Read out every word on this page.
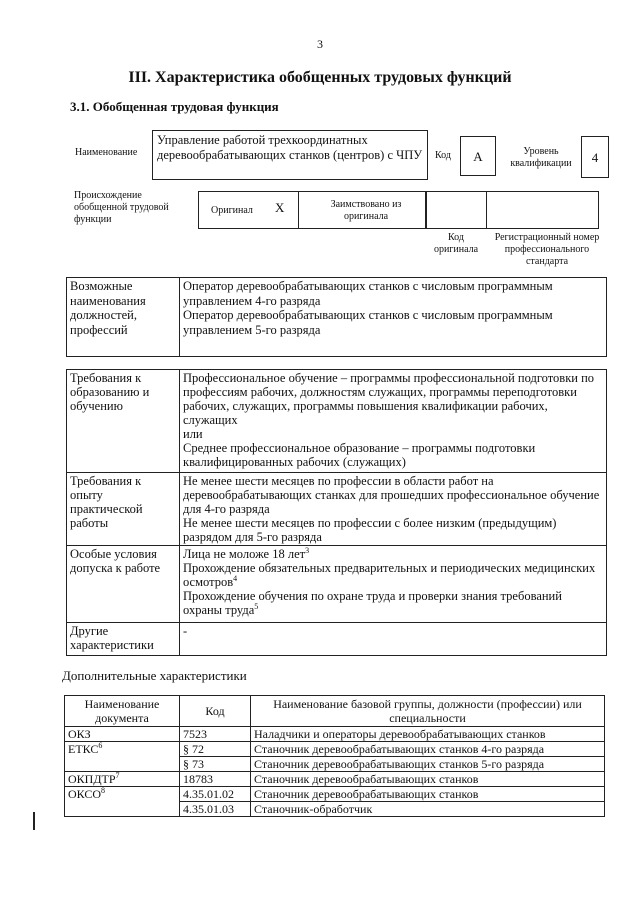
3
III. Характеристика обобщенных трудовых функций
3.1. Обобщенная трудовая функция
Наименование
Управление работой трехкоординатных деревообрабатывающих станков (центров) с ЧПУ	Код	А	Уровень квалификации	4
Происхождение обобщенной трудовой функции
Оригинал X	Заимствовано из оригинала
Код оригинала
Регистрационный номер профессионального стандарта
Возможные наименования должностей, профессий	
Оператор деревообрабатывающих станков с числовым программным управлением 4-го разряда
Оператор деревообрабатывающих станков с числовым программным управлением 5-го разряда
Требования к образованию и обучению	Профессиональное обучение – программы профессиональной подготовки по профессиям рабочих, должностям служащих, программы переподготовки рабочих, служащих, программы повышения квалификации рабочих, служащих
или
Среднее профессиональное образование – программы подготовки квалифицированных рабочих (служащих)

Требования к опыту практической работы	Не менее шести месяцев по профессии в области работ на деревообрабатывающих станках для прошедших профессиональное обучение для 4-го разряда
Не менее шести месяцев по профессии с более низким (предыдущим) разрядом для 5-го разряда

Особые условия допуска к работе	Лица не моложе 18 лет$^3$
Прохождение обязательных предварительных и периодических медицинских осмотров$^4$
Прохождение обучения по охране труда и проверки знания требований охраны труда$^5$

Другие характеристики	-
Дополнительные характеристики
Наименование документа	Код	Наименование базовой группы, должности (профессии) или специальности
ОКЗ	7523	Наладчики и операторы деревообрабатывающих станков
ЕТКС$^6$	§ 72	Станочник деревообрабатывающих станков 4-го разряда
	§ 73	Станочник деревообрабатывающих станков 5-го разряда
ОКПДТР$^7$	18783	Станочник деревообрабатывающих станков
ОКСО$^8$	4.35.01.02	Станочник деревообрабатывающих станков
	4.35.01.03	Станочник-обработчик
